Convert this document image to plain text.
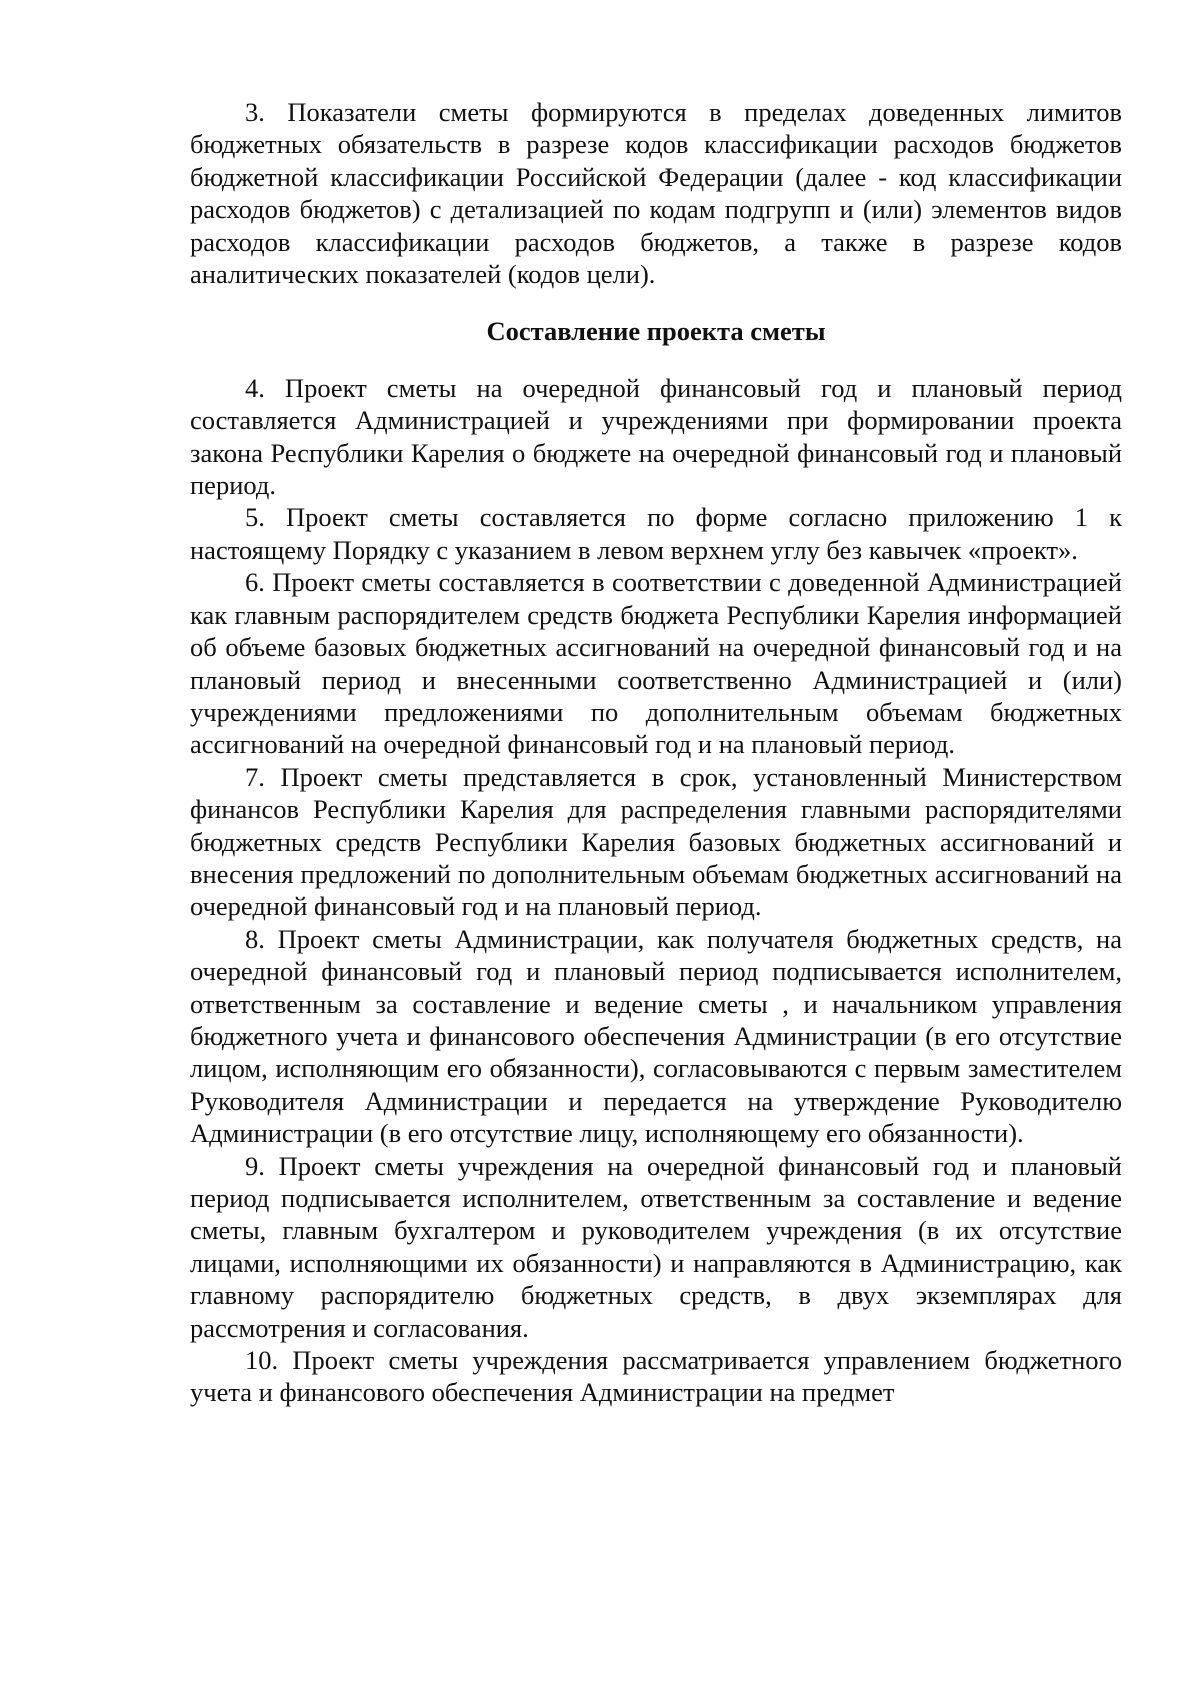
3. Показатели сметы формируются в пределах доведенных лимитов бюджетных обязательств в разрезе кодов классификации расходов бюджетов бюджетной классификации Российской Федерации (далее - код классификации расходов бюджетов) с детализацией по кодам подгрупп и (или) элементов видов расходов классификации расходов бюджетов, а также в разрезе кодов аналитических показателей (кодов цели).

Составление проекта сметы

4. Проект сметы на очередной финансовый год и плановый период составляется Администрацией и учреждениями при формировании проекта закона Республики Карелия о бюджете на очередной финансовый год и плановый период.

5. Проект сметы составляется по форме согласно приложению 1 к настоящему Порядку с указанием в левом верхнем углу без кавычек «проект».

6. Проект сметы составляется в соответствии с доведенной Администрацией как главным распорядителем средств бюджета Республики Карелия информацией об объеме базовых бюджетных ассигнований на очередной финансовый год и на плановый период и внесенными соответственно Администрацией и (или) учреждениями предложениями по дополнительным объемам бюджетных ассигнований на очередной финансовый год и на плановый период.

7. Проект сметы представляется в срок, установленный Министерством финансов Республики Карелия для распределения главными распорядителями бюджетных средств Республики Карелия базовых бюджетных ассигнований и внесения предложений по дополнительным объемам бюджетных ассигнований на очередной финансовый год и на плановый период.

8. Проект сметы Администрации, как получателя бюджетных средств, на очередной финансовый год и плановый период подписывается исполнителем, ответственным за составление и ведение сметы , и начальником управления бюджетного учета и финансового обеспечения Администрации (в его отсутствие лицом, исполняющим его обязанности), согласовываются с первым заместителем Руководителя Администрации и передается на утверждение Руководителю Администрации (в его отсутствие лицу, исполняющему его обязанности).

9. Проект сметы учреждения на очередной финансовый год и плановый период подписывается исполнителем, ответственным за составление и ведение сметы, главным бухгалтером и руководителем учреждения (в их отсутствие лицами, исполняющими их обязанности) и направляются в Администрацию, как главному распорядителю бюджетных средств, в двух экземплярах для рассмотрения и согласования.

10. Проект сметы учреждения рассматривается управлением бюджетного учета и финансового обеспечения Администрации на предмет
